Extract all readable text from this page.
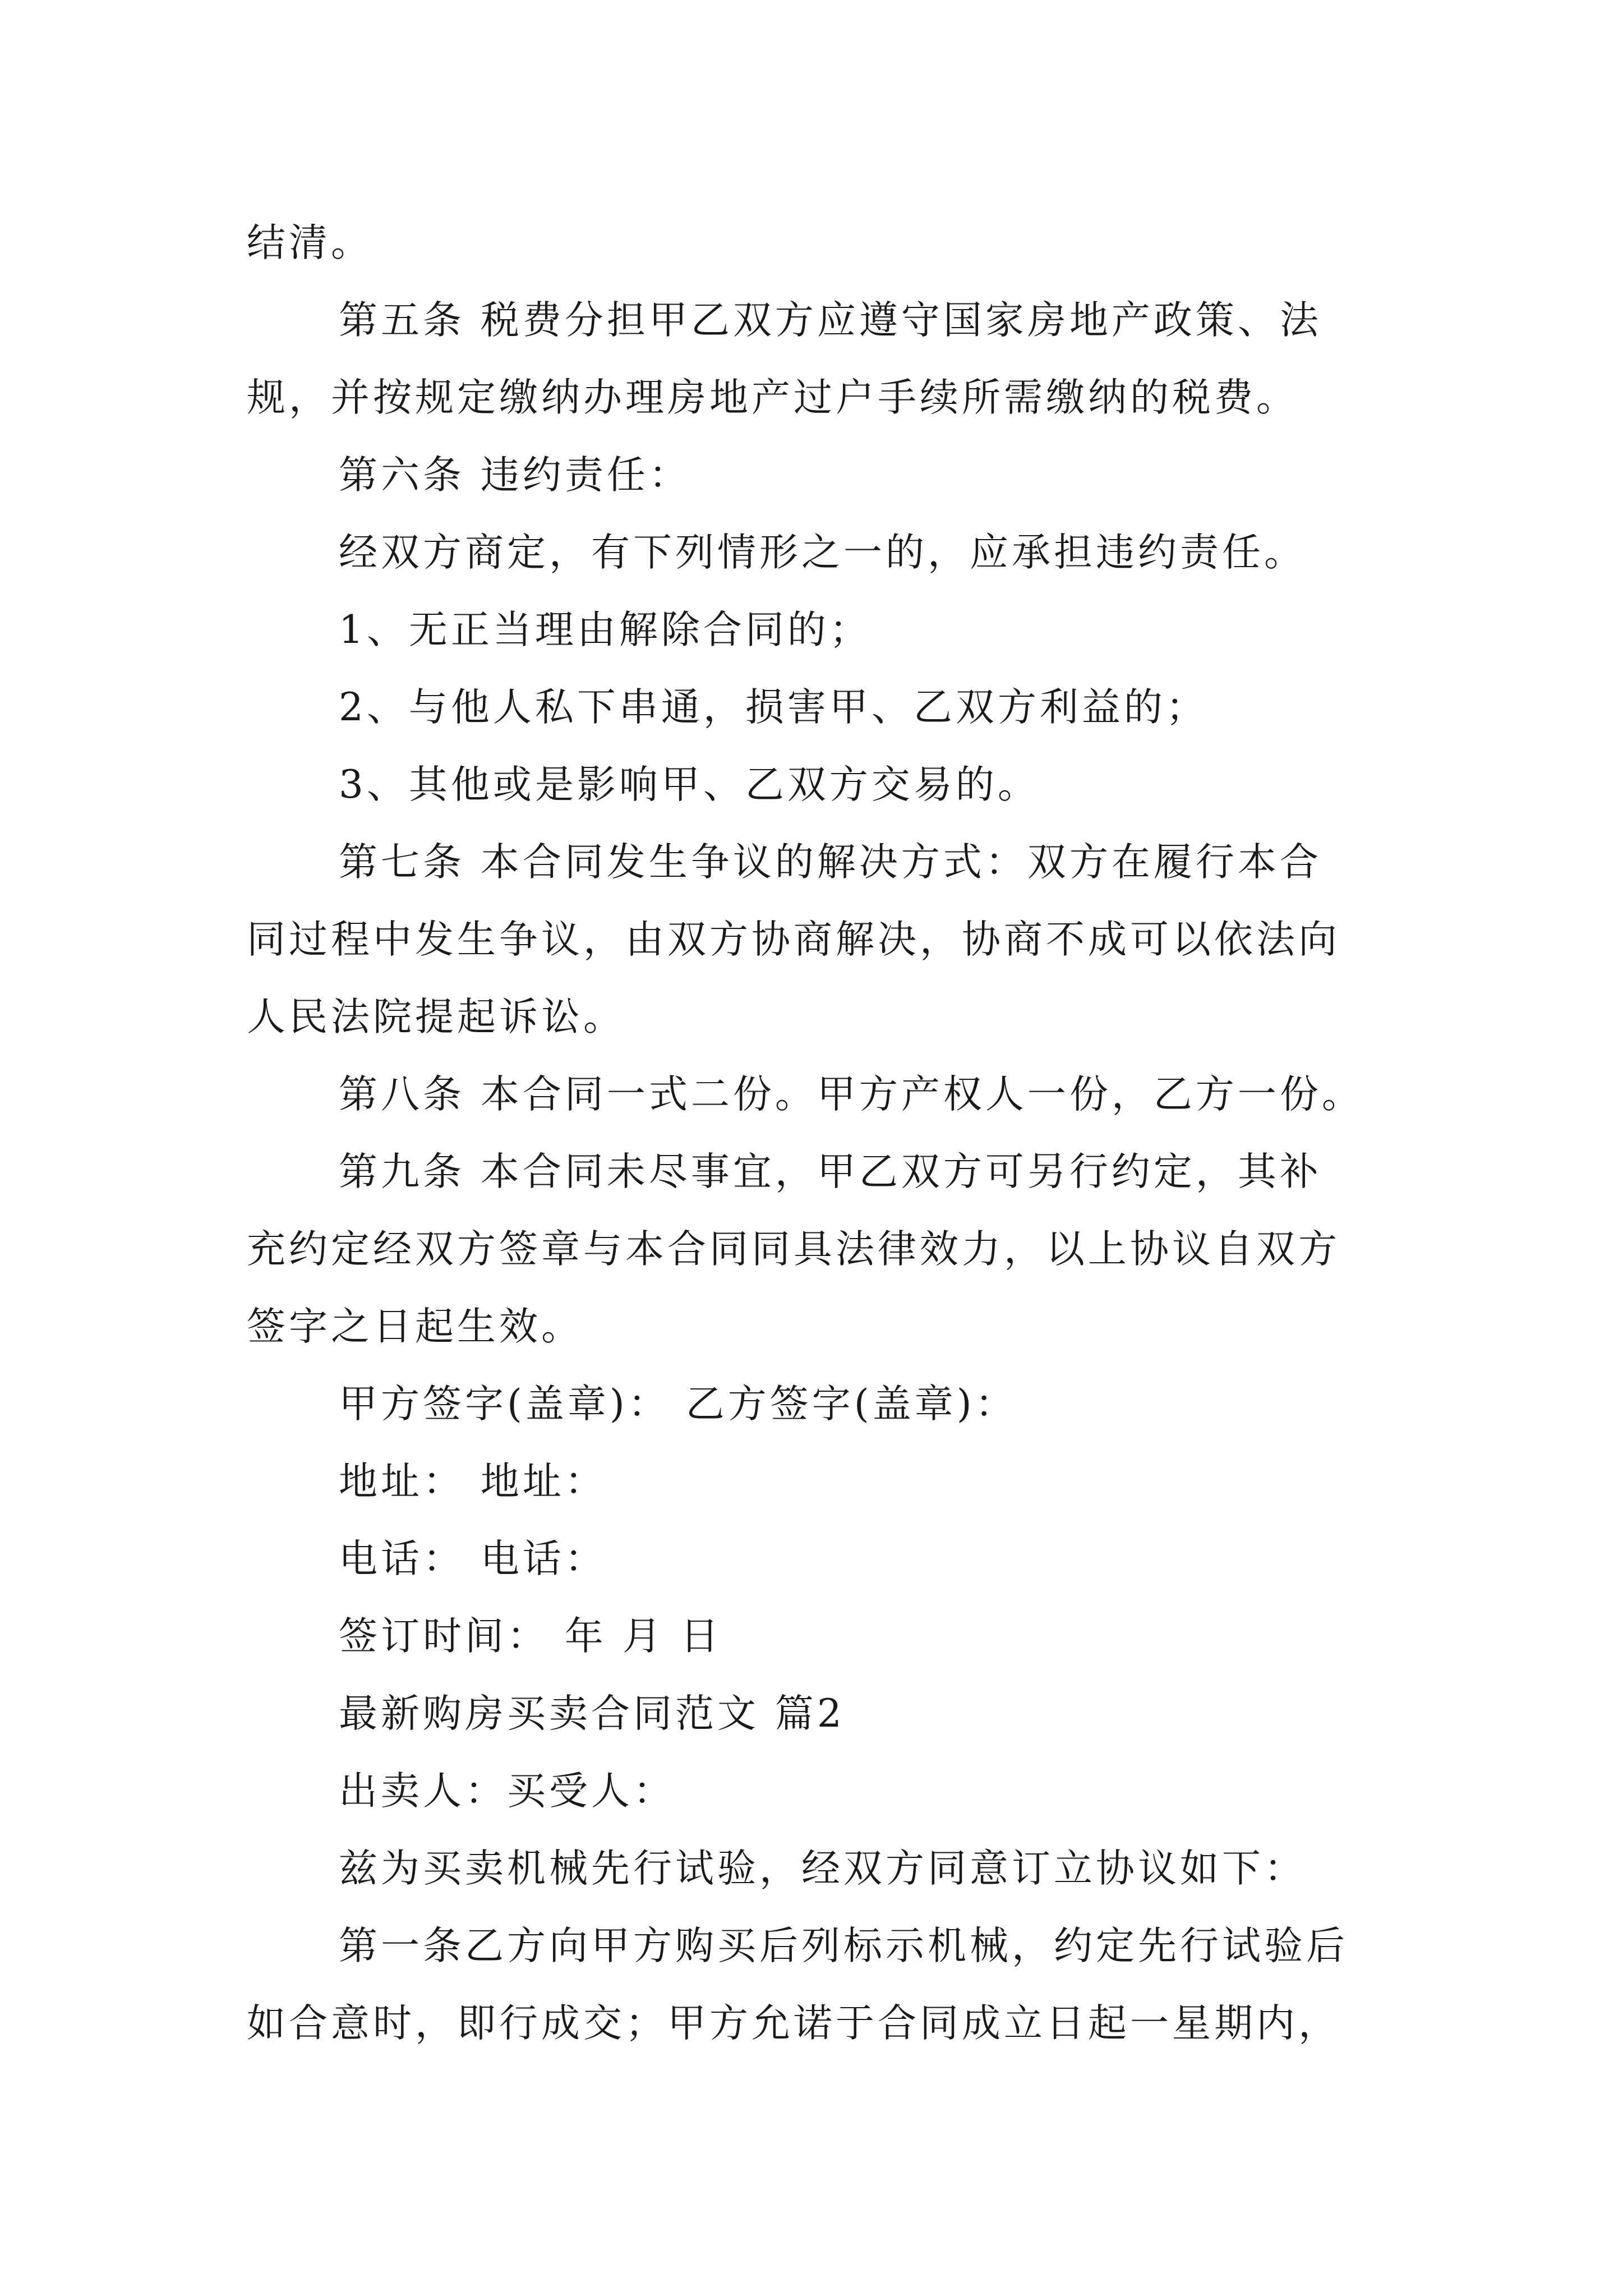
结清。
第五条 税费分担甲乙双方应遵守国家房地产政策、法
规，并按规定缴纳办理房地产过户手续所需缴纳的税费。
第六条 违约责任：
经双方商定，有下列情形之一的，应承担违约责任。
1、无正当理由解除合同的；
2、与他人私下串通，损害甲、乙双方利益的；
3、其他或是影响甲、乙双方交易的。
第七条 本合同发生争议的解决方式：双方在履行本合
同过程中发生争议，由双方协商解决，协商不成可以依法向
人民法院提起诉讼。
第八条 本合同一式二份。甲方产权人一份，乙方一份。
第九条 本合同未尽事宜，甲乙双方可另行约定，其补
充约定经双方签章与本合同同具法律效力，以上协议自双方
签字之日起生效。
甲方签字(盖章)： 乙方签字(盖章)：
地址： 地址：
电话： 电话：
签订时间： 年 月 日
最新购房买卖合同范文 篇2
出卖人：买受人：
兹为买卖机械先行试验，经双方同意订立协议如下：
第一条乙方向甲方购买后列标示机械，约定先行试验后
如合意时，即行成交；甲方允诺于合同成立日起一星期内，
